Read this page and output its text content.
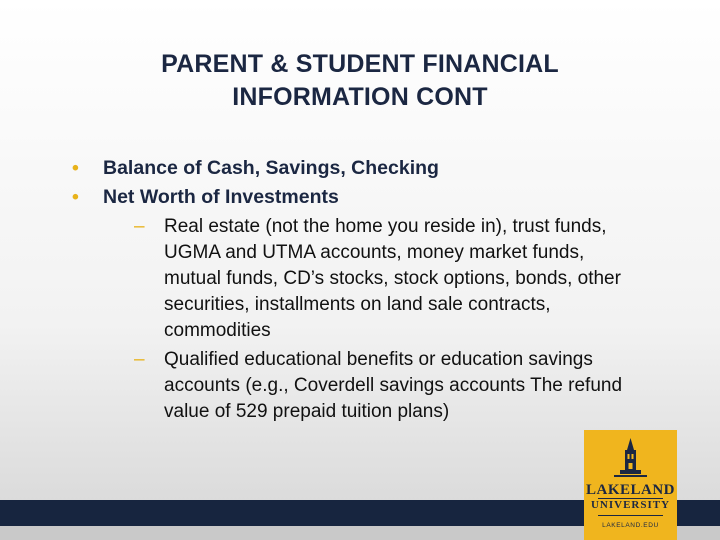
PARENT & STUDENT FINANCIAL
INFORMATION CONT
• Balance of Cash, Savings, Checking
• Net Worth of Investments
– Real estate (not the home you reside in), trust funds, UGMA and UTMA accounts, money market funds, mutual funds, CD’s stocks, stock options, bonds, other securities, installments on land sale contracts, commodities
– Qualified educational benefits or education savings accounts (e.g., Coverdell savings accounts The refund value of 529 prepaid tuition plans)
LAKELAND
UNIVERSITY
LAKELAND.EDU
